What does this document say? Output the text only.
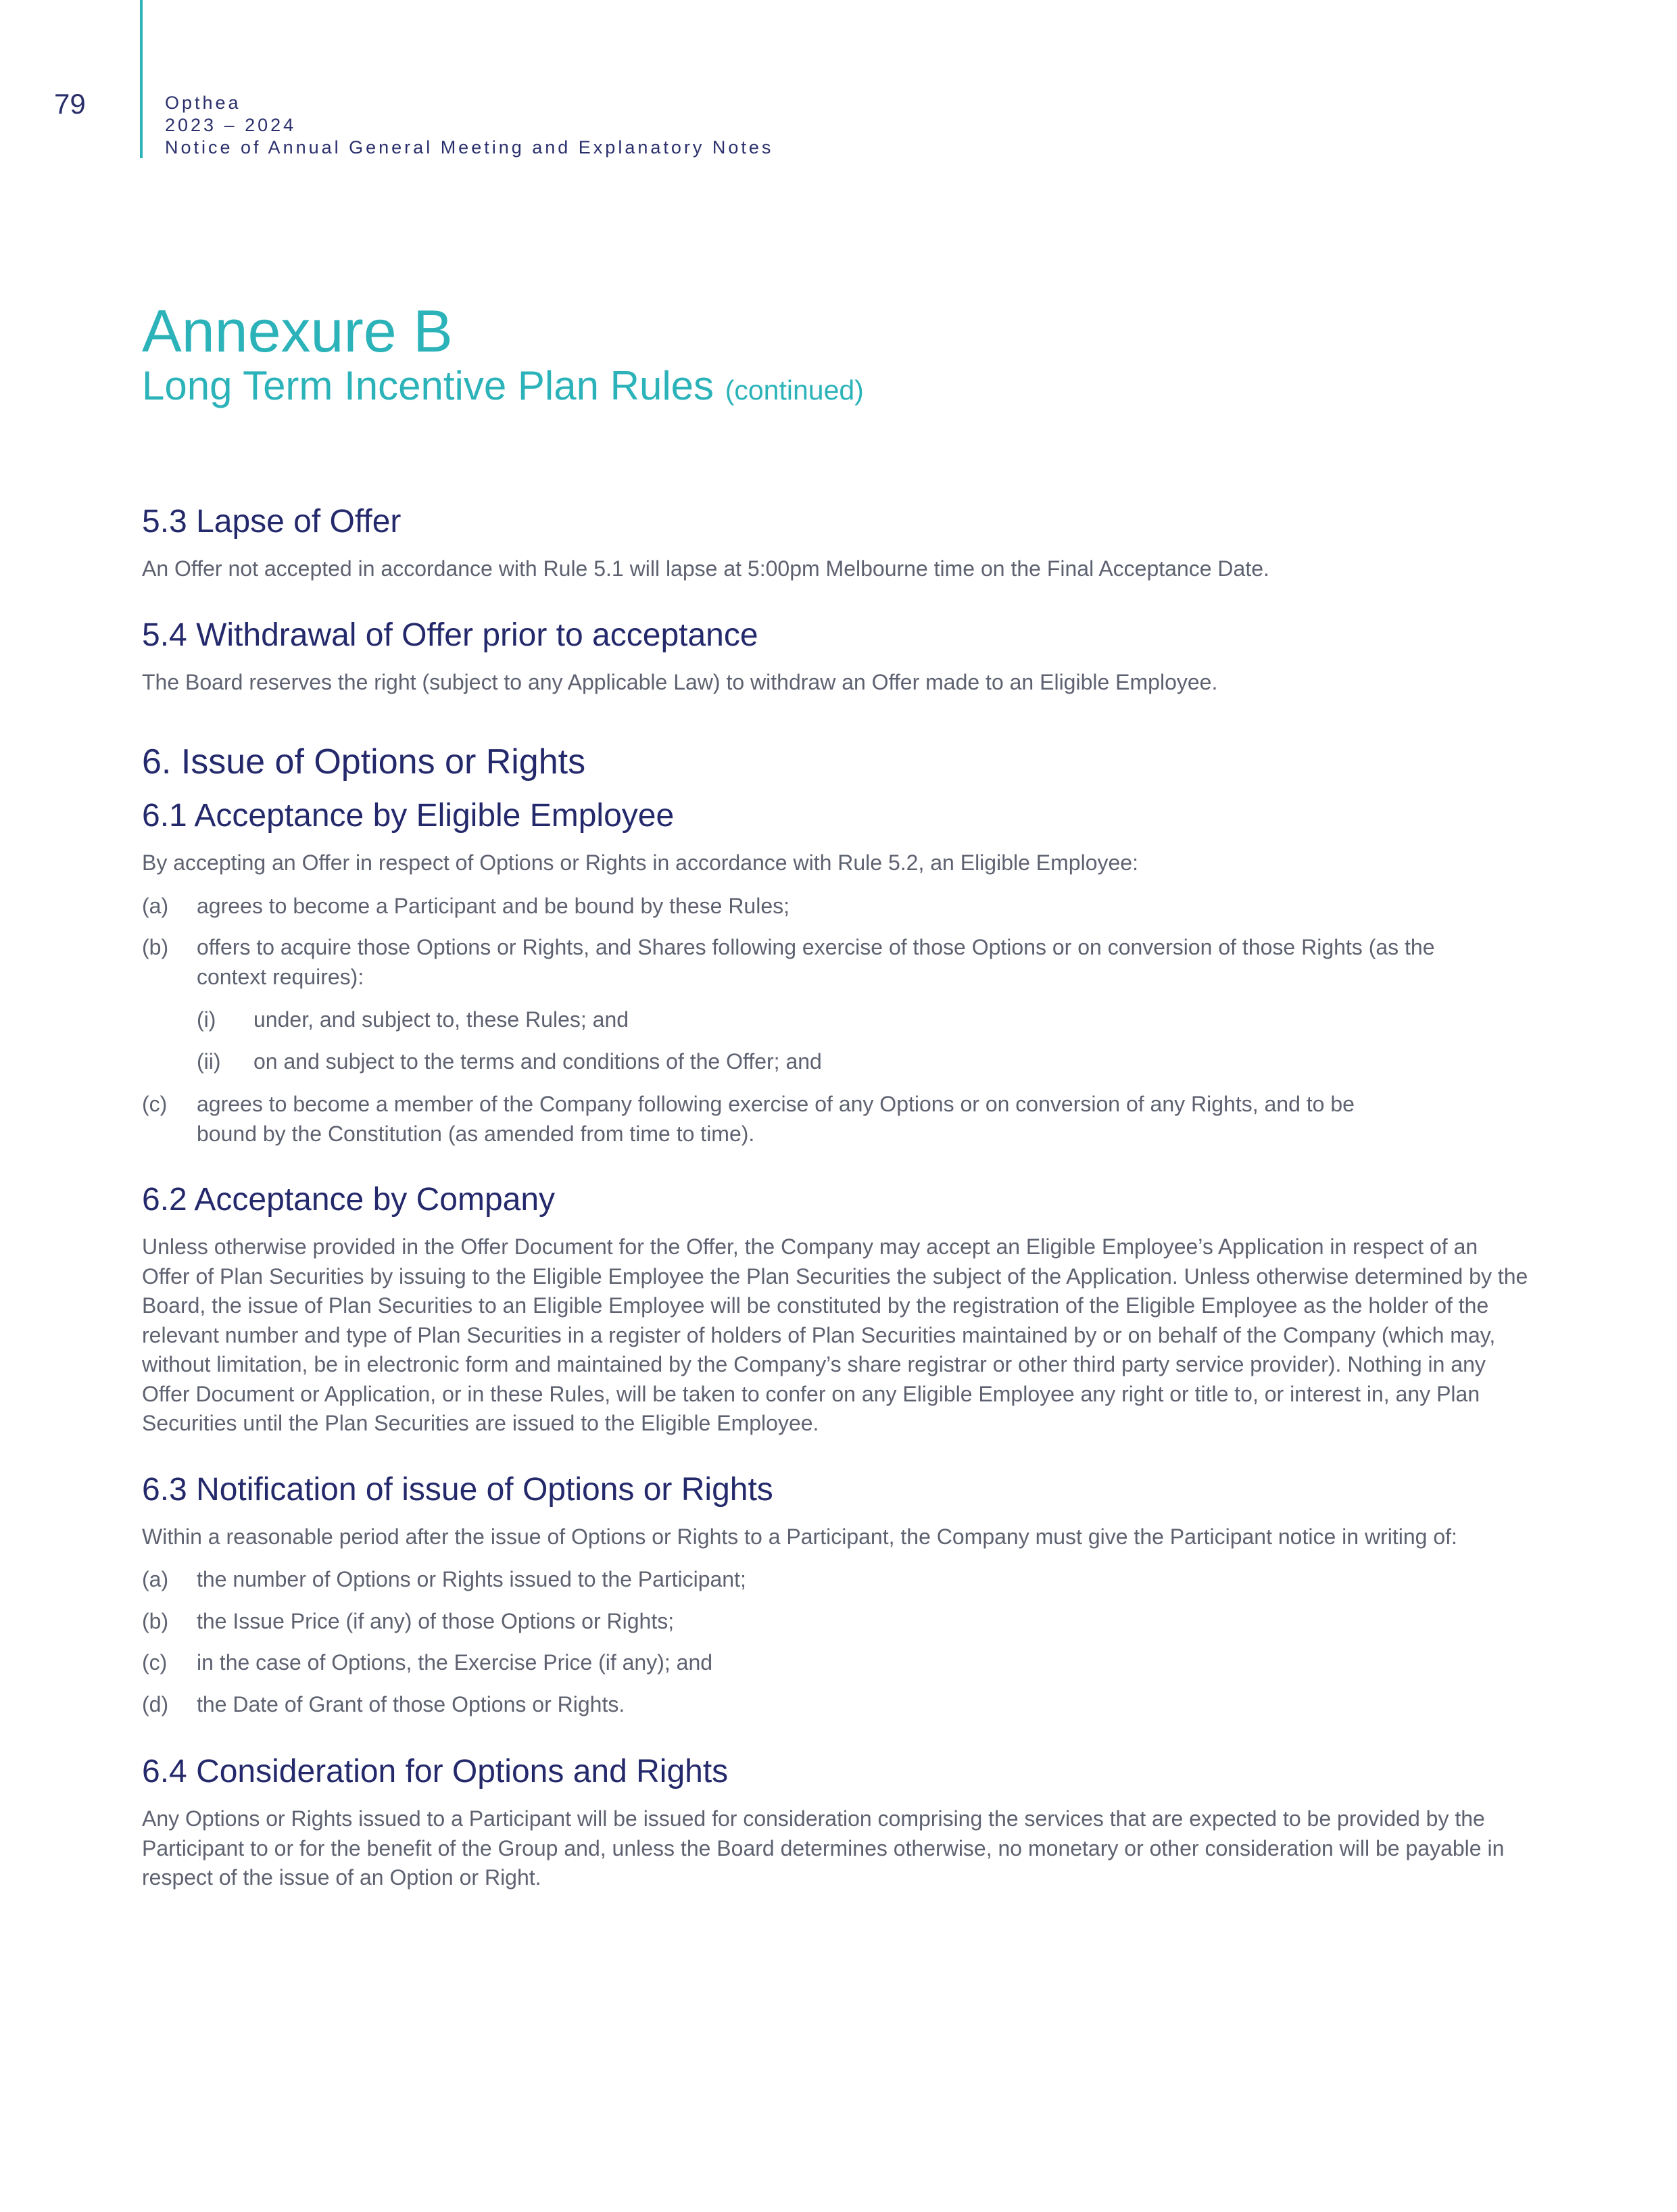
79	Opthea
2023 – 2024
Notice of Annual General Meeting and Explanatory Notes
Annexure B
Long Term Incentive Plan Rules (continued)
5.3 Lapse of Offer

An Offer not accepted in accordance with Rule 5.1 will lapse at 5:00pm Melbourne time on the Final Acceptance Date.

5.4 Withdrawal of Offer prior to acceptance

The Board reserves the right (subject to any Applicable Law) to withdraw an Offer made to an Eligible Employee.

6. Issue of Options or Rights
6.1 Acceptance by Eligible Employee

By accepting an Offer in respect of Options or Rights in accordance with Rule 5.2, an Eligible Employee:

(a) agrees to become a Participant and be bound by these Rules;
(b) offers to acquire those Options or Rights, and Shares following exercise of those Options or on conversion of those Rights (as the context requires):
(i) under, and subject to, these Rules; and
(ii) on and subject to the terms and conditions of the Offer; and
(c) agrees to become a member of the Company following exercise of any Options or on conversion of any Rights, and to be bound by the Constitution (as amended from time to time).
6.2 Acceptance by Company

Unless otherwise provided in the Offer Document for the Offer, the Company may accept an Eligible Employee’s Application in respect of an Offer of Plan Securities by issuing to the Eligible Employee the Plan Securities the subject of the Application. Unless otherwise determined by the Board, the issue of Plan Securities to an Eligible Employee will be constituted by the registration of the Eligible Employee as the holder of the relevant number and type of Plan Securities in a register of holders of Plan Securities maintained by or on behalf of the Company (which may, without limitation, be in electronic form and maintained by the Company’s share registrar or other third party service provider). Nothing in any Offer Document or Application, or in these Rules, will be taken to confer on any Eligible Employee any right or title to, or interest in, any Plan Securities until the Plan Securities are issued to the Eligible Employee.

6.3 Notification of issue of Options or Rights

Within a reasonable period after the issue of Options or Rights to a Participant, the Company must give the Participant notice in writing of:

(a) the number of Options or Rights issued to the Participant;
(b) the Issue Price (if any) of those Options or Rights;
(c) in the case of Options, the Exercise Price (if any); and
(d) the Date of Grant of those Options or Rights.
6.4 Consideration for Options and Rights

Any Options or Rights issued to a Participant will be issued for consideration comprising the services that are expected to be provided by the Participant to or for the benefit of the Group and, unless the Board determines otherwise, no monetary or other consideration will be payable in respect of the issue of an Option or Right.
